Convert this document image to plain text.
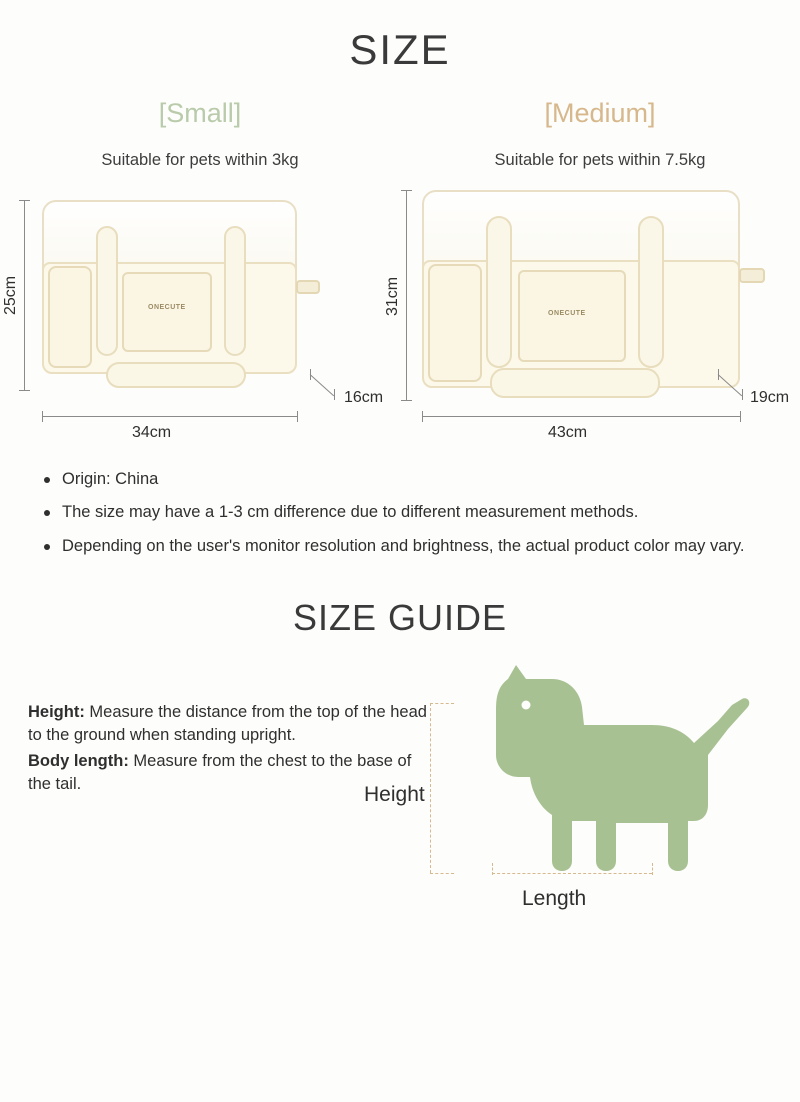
SIZE
[Small]
Suitable for pets within 3kg
ONECUTE
25cm
34cm
16cm
[Medium]
Suitable for pets within 7.5kg
ONECUTE
31cm
43cm
19cm
Origin: China
The size may have a 1-3 cm difference due to different measurement methods.
Depending on the user's monitor resolution and brightness, the actual product color may vary.
SIZE GUIDE

Height: Measure the distance from the top of the head to the ground when standing upright.

Body length: Measure from the chest to the base of the tail.	Height
Length
